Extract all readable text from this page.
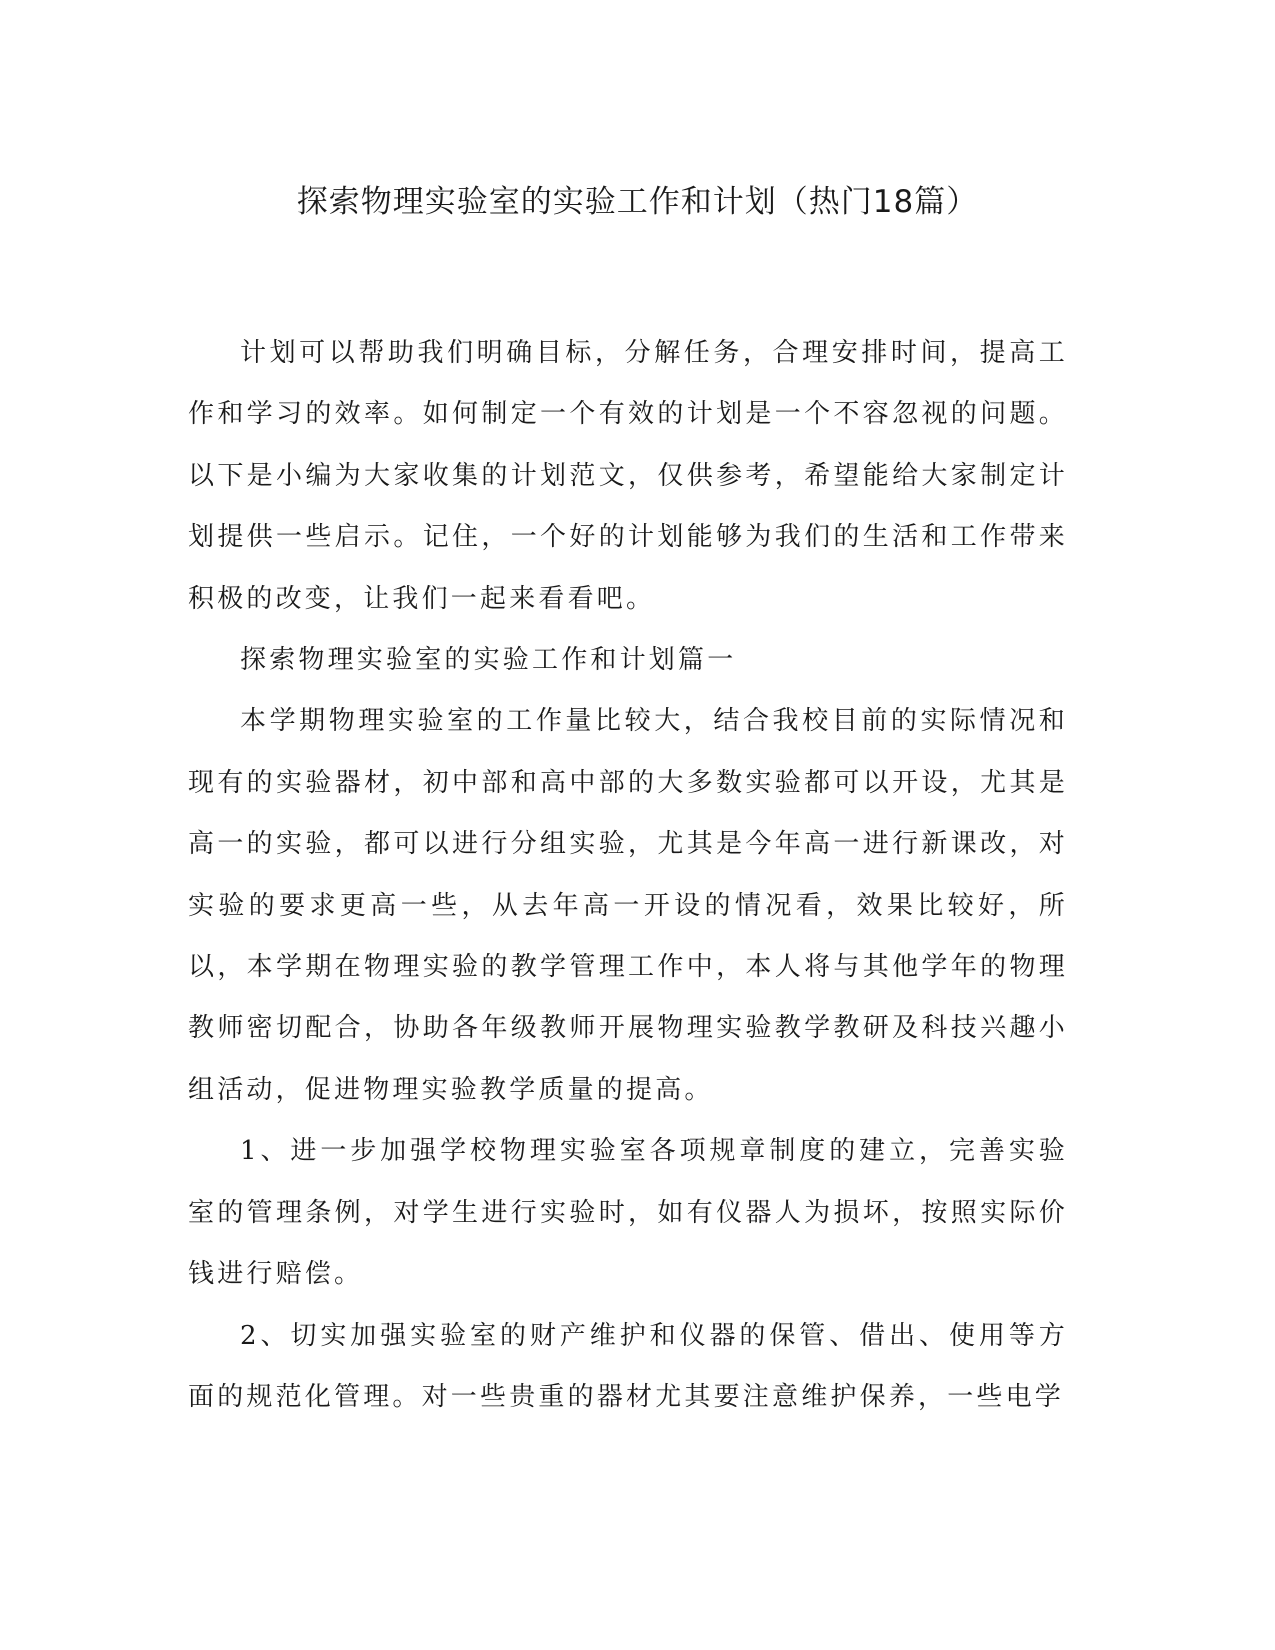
探索物理实验室的实验工作和计划（热门18篇）

计划可以帮助我们明确目标，分解任务，合理安排时间，提高工作和学习的效率。如何制定一个有效的计划是一个不容忽视的问题。以下是小编为大家收集的计划范文，仅供参考，希望能给大家制定计划提供一些启示。记住，一个好的计划能够为我们的生活和工作带来积极的改变，让我们一起来看看吧。

探索物理实验室的实验工作和计划篇一

本学期物理实验室的工作量比较大，结合我校目前的实际情况和现有的实验器材，初中部和高中部的大多数实验都可以开设，尤其是高一的实验，都可以进行分组实验，尤其是今年高一进行新课改，对实验的要求更高一些，从去年高一开设的情况看，效果比较好，所以，本学期在物理实验的教学管理工作中，本人将与其他学年的物理教师密切配合，协助各年级教师开展物理实验教学教研及科技兴趣小组活动，促进物理实验教学质量的提高。

1、进一步加强学校物理实验室各项规章制度的建立，完善实验室的管理条例，对学生进行实验时，如有仪器人为损坏，按照实际价钱进行赔偿。

2、切实加强实验室的财产维护和仪器的保管、借出、使用等方面的规范化管理。对一些贵重的器材尤其要注意维护保养，一些电学
